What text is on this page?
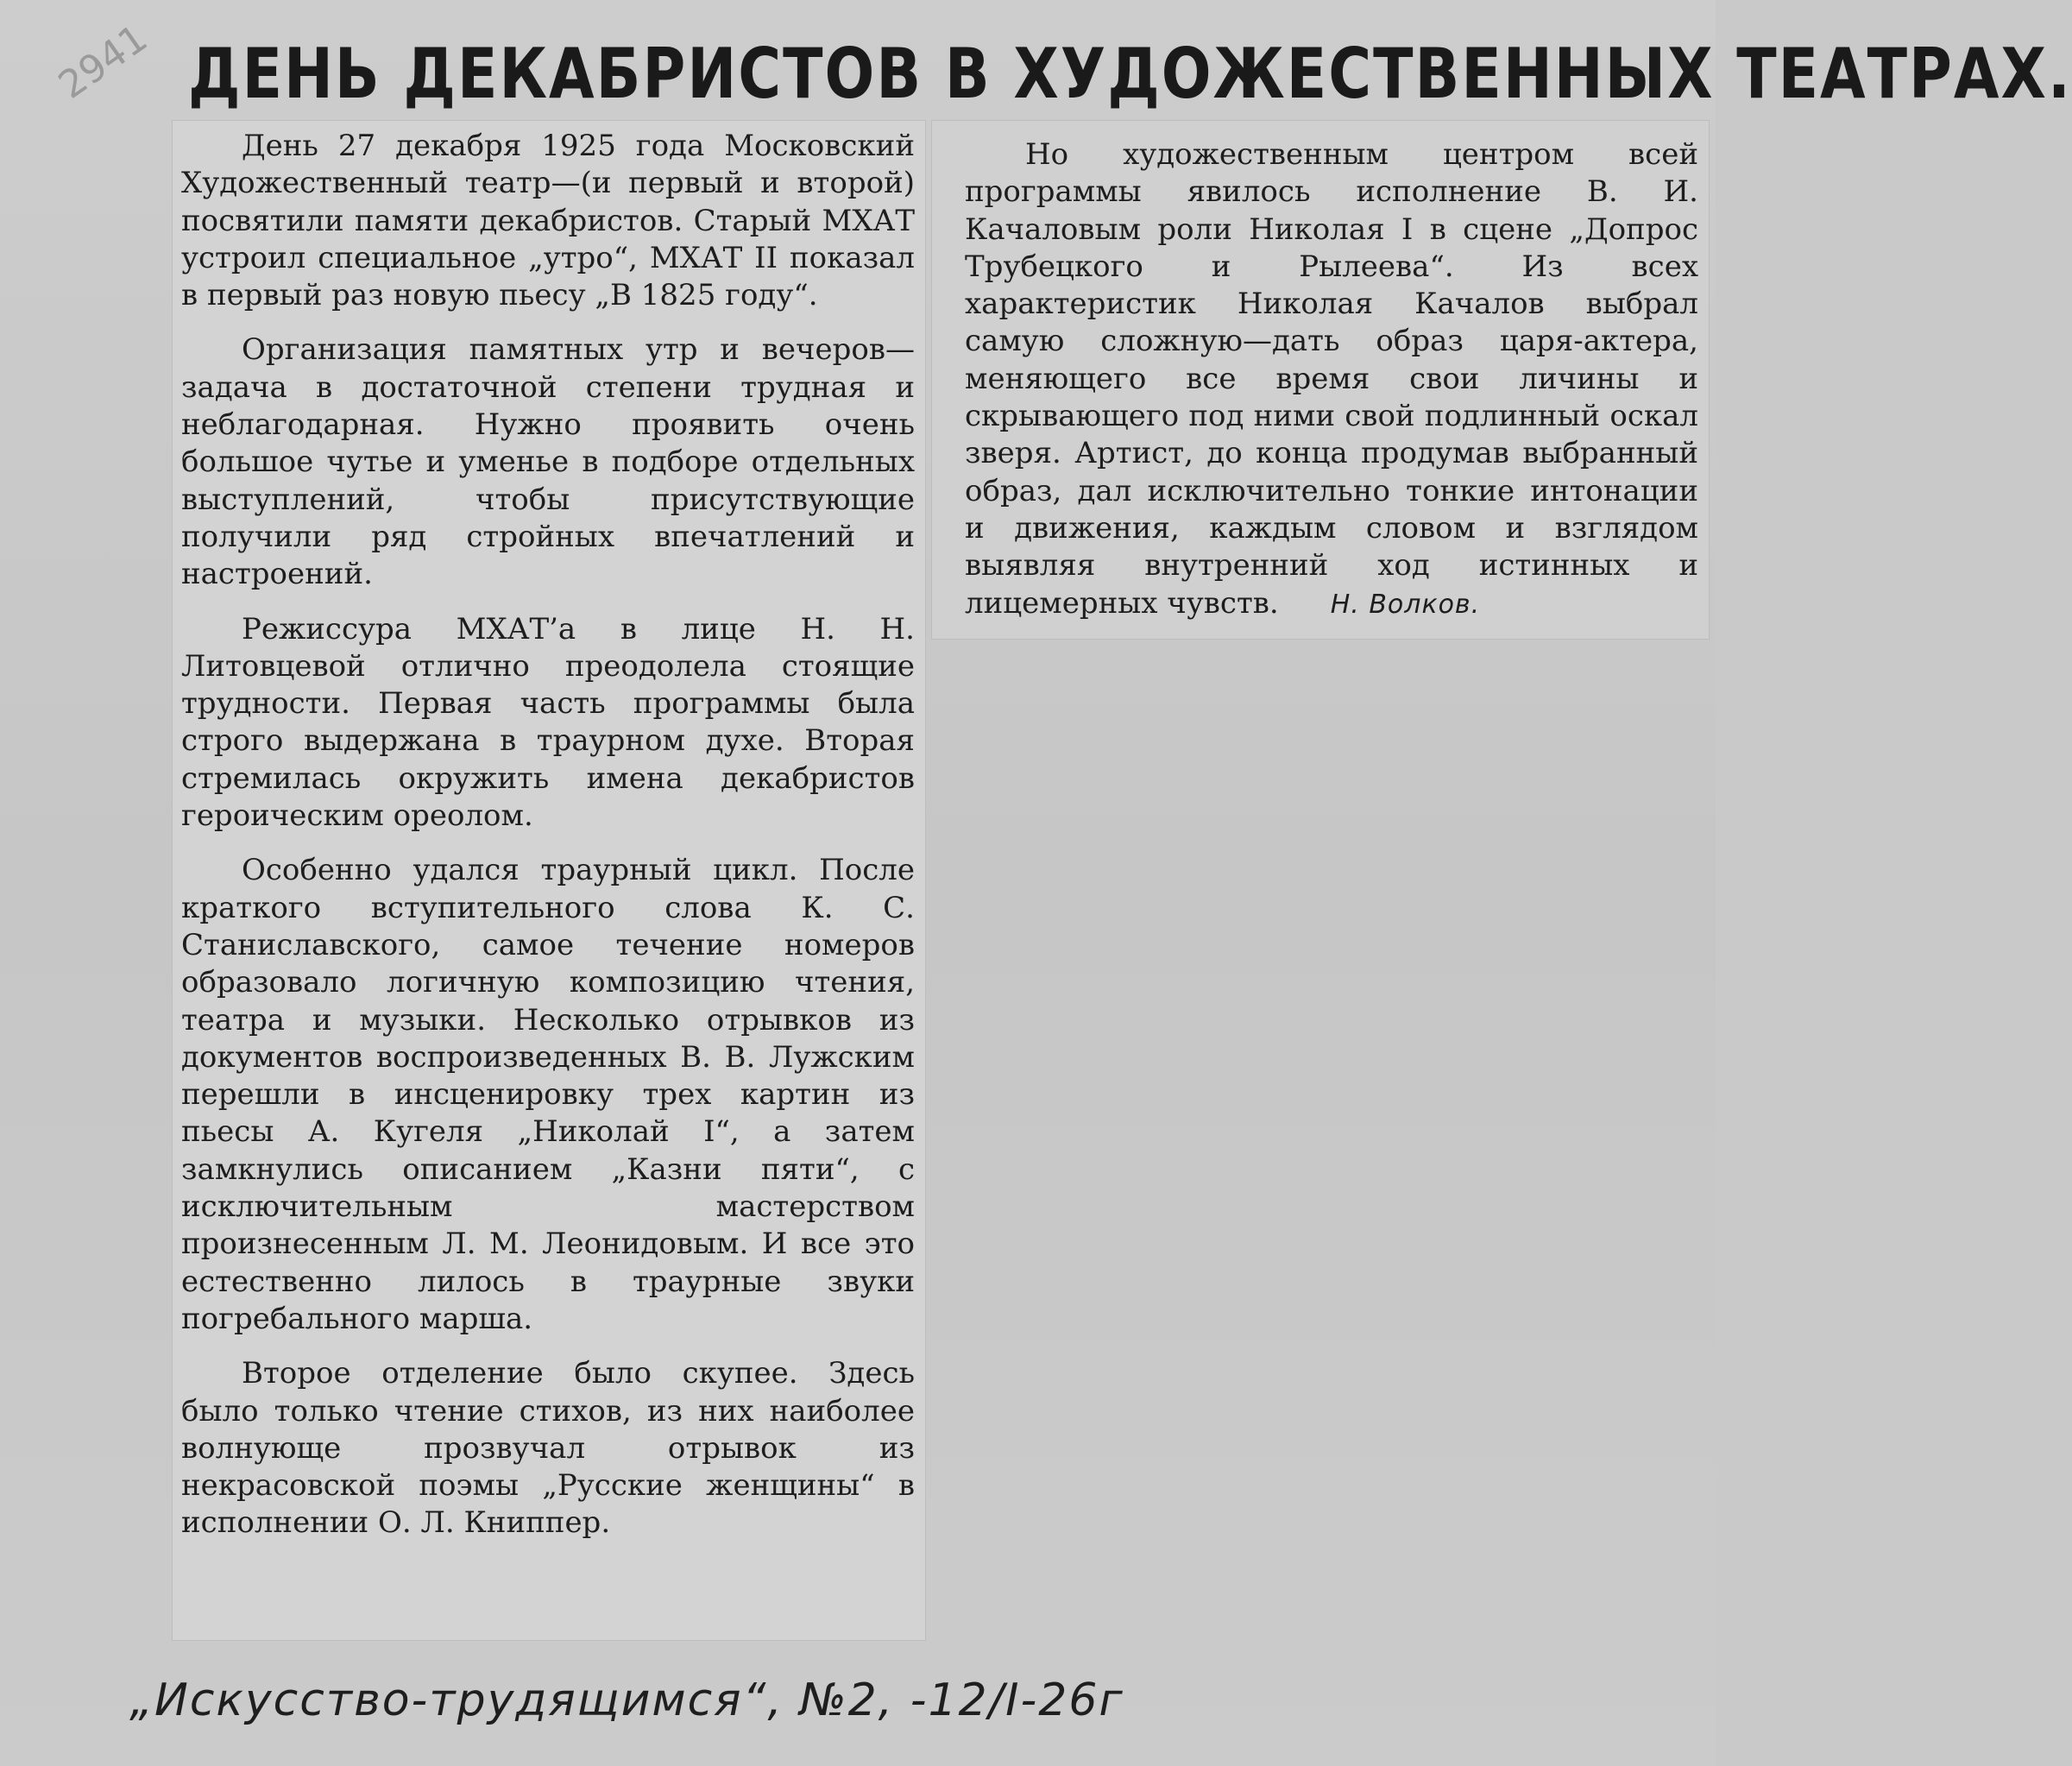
2941 ДЕНЬ ДЕКАБРИСТОВ В ХУДОЖЕСТВЕННЫХ ТЕАТРАХ.

День 27 декабря 1925 года Московский Художественный театр—(и первый и второй) посвятили памяти декабристов. Старый МХАТ устроил специальное „утро“, МХАТ II показал в первый раз новую пьесу „В 1825 году“.

Организация памятных утр и вечеров—задача в достаточной степени трудная и неблагодарная. Нужно проявить очень большое чутье и уменье в подборе отдельных выступлений, чтобы присутствующие получили ряд стройных впечатлений и настроений.

Режиссура МХАТ’а в лице Н. Н. Литовцевой отлично преодолела стоящие трудности. Первая часть программы была строго выдержана в траурном духе. Вторая стремилась окружить имена декабристов героическим ореолом.

Особенно удался траурный цикл. После краткого вступительного слова К. С. Станиславского, самое течение номеров образовало логичную композицию чтения, театра и музыки. Несколько отрывков из документов воспроизведенных В. В. Лужским перешли в инсценировку трех картин из пьесы А. Кугеля „Николай I“, а затем замкнулись описанием „Казни пяти“, с исключительным мастерством произнесенным Л. М. Леонидовым. И все это естественно лилось в траурные звуки погребального марша.

Второе отделение было скупее. Здесь было только чтение стихов, из них наиболее волнующе прозвучал отрывок из некрасовской поэмы „Русские женщины“ в исполнении О. Л. Книппер.

Но художественным центром всей программы явилось исполнение В. И. Качаловым роли Николая I в сцене „Допрос Трубецкого и Рылеева“. Из всех характеристик Николая Качалов выбрал самую сложную—дать образ царя-актера, меняющего все время свои личины и скрывающего под ними свой подлинный оскал зверя. Артист, до конца продумав выбранный образ, дал исключительно тонкие интонации и движения, каждым словом и взглядом выявляя внутренний ход истинных и лицемерных чувств. Н. Волков.

„Искусство-трудящимся“, №2, -12/I-26г
